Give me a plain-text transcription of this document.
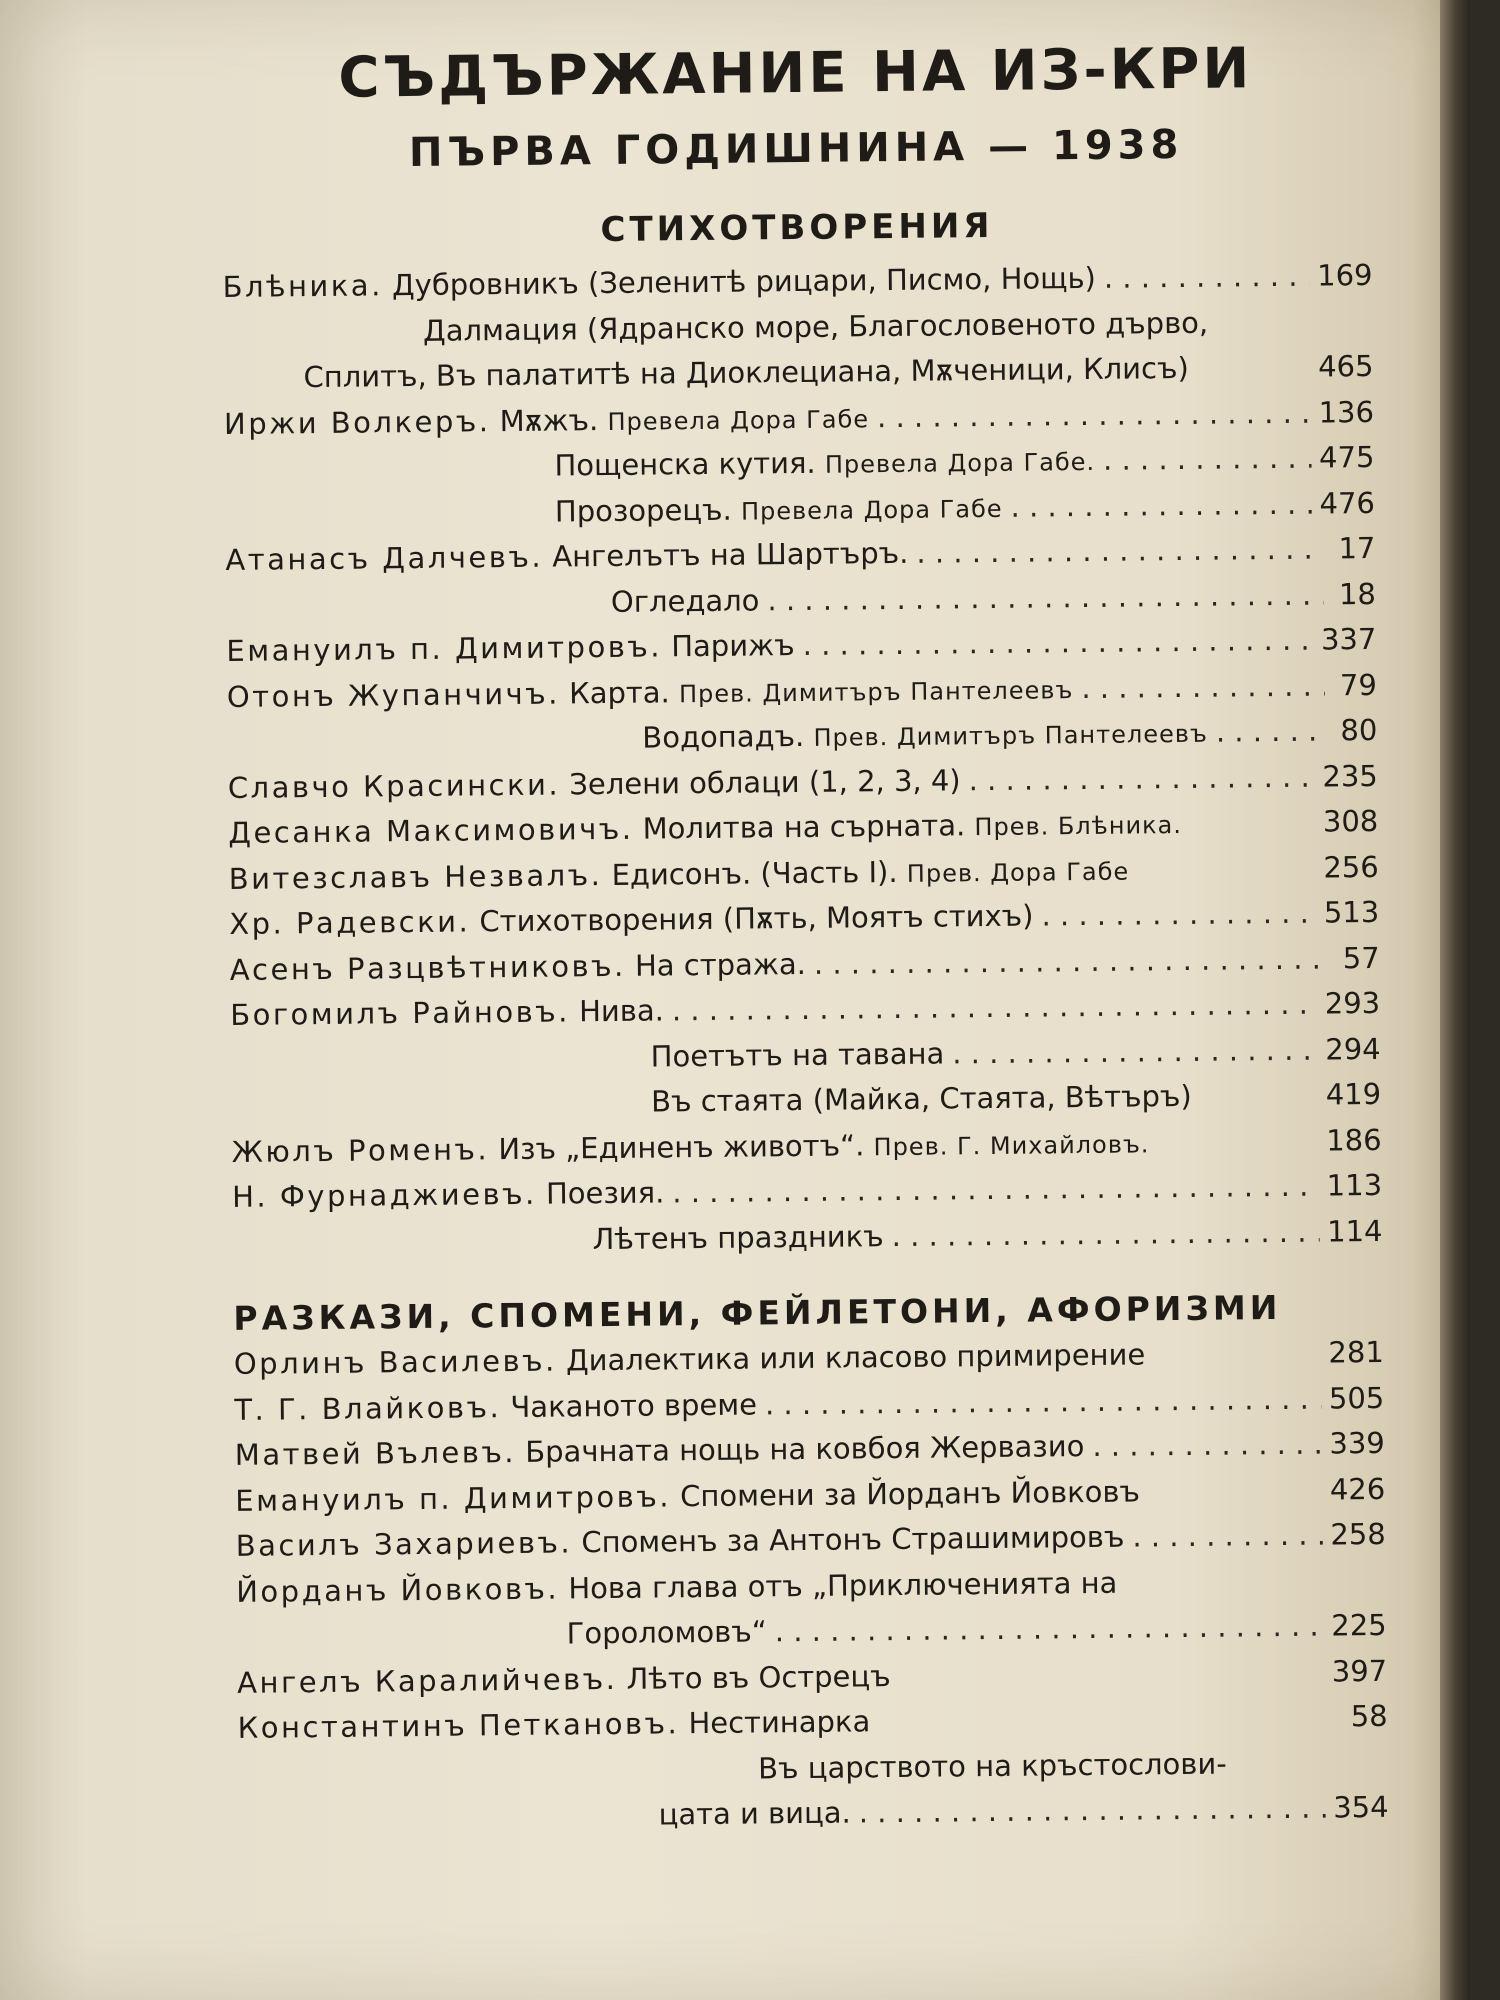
СЪДЪРЖАНИЕ НА ИЗ-КРИ
ПЪРВА ГОДИШНИНА — 1938
СТИХОТВОРЕНИЯ
Блѣника.
Дубровникъ (Зеленитѣ рицари, Писмо, Нощь) . . .	169
Далмация (Ядранско море, Благословеното дърво,
Сплитъ, Въ палатитѣ на Диоклециана, Мѫченици, Клисъ)	465
Иржи Волкеръ.
Мѫжъ.
Превела Дора Габе . . .	136
Пощенска кутия.
Превела Дора Габе. . . .	475
Прозорецъ.
Превела Дора Габе . . .	476
Атанасъ Далчевъ.
Ангелътъ на Шартъръ. . . .	17
Огледало . . .	18
Емануилъ п. Димитровъ.
Парижъ . . .	337
Отонъ Жупанчичъ.
Карта.
Прев. Димитъръ Пантелеевъ . . .	79
Водопадъ.
Прев. Димитъръ Пантелеевъ . . .	80
Славчо Красински.
Зелени облаци (1, 2, 3, 4) . . .	235
Десанка Максимовичъ.
Молитва на сърната.
Прев. Блѣника.	308
Витезславъ Незвалъ.
Едисонъ. (Часть I).
Прев. Дора Габе	256
Хр. Радевски.
Стихотворения (Пѫть, Моятъ стихъ) . . .	513
Асенъ Разцвѣтниковъ.
На стража. . . .	57
Богомилъ Райновъ.
Нива. . . .	293
Поетътъ на тавана . . .	294
Въ стаята (Майка, Стаята, Вѣтъръ)	419
Жюлъ Роменъ.
Изъ „Единенъ животъ“.
Прев. Г. Михайловъ.	186
Н. Фурнаджиевъ.
Поезия. . . .	113
Лѣтенъ праздникъ . . .	114
РАЗКАЗИ, СПОМЕНИ, ФЕЙЛЕТОНИ, АФОРИЗМИ
Орлинъ Василевъ.
Диалектика или класово примирение	281
Т. Г. Влайковъ.
Чаканото време . . .	505
Матвей Вълевъ.
Брачната нощь на ковбоя Жервазио . . .	339
Емануилъ п. Димитровъ.
Спомени за Йорданъ Йовковъ	426
Василъ Захариевъ.
Споменъ за Антонъ Страшимировъ . . .	258
Йорданъ Йовковъ.
Нова глава отъ „Приключенията на
Горoломовъ“ . . .	225
Ангелъ Каралийчевъ.
Лѣто въ Острецъ	397
Константинъ Петкановъ.
Нестинарка	58
Въ царството на кръстослови-
цата и вица. . . .	354
